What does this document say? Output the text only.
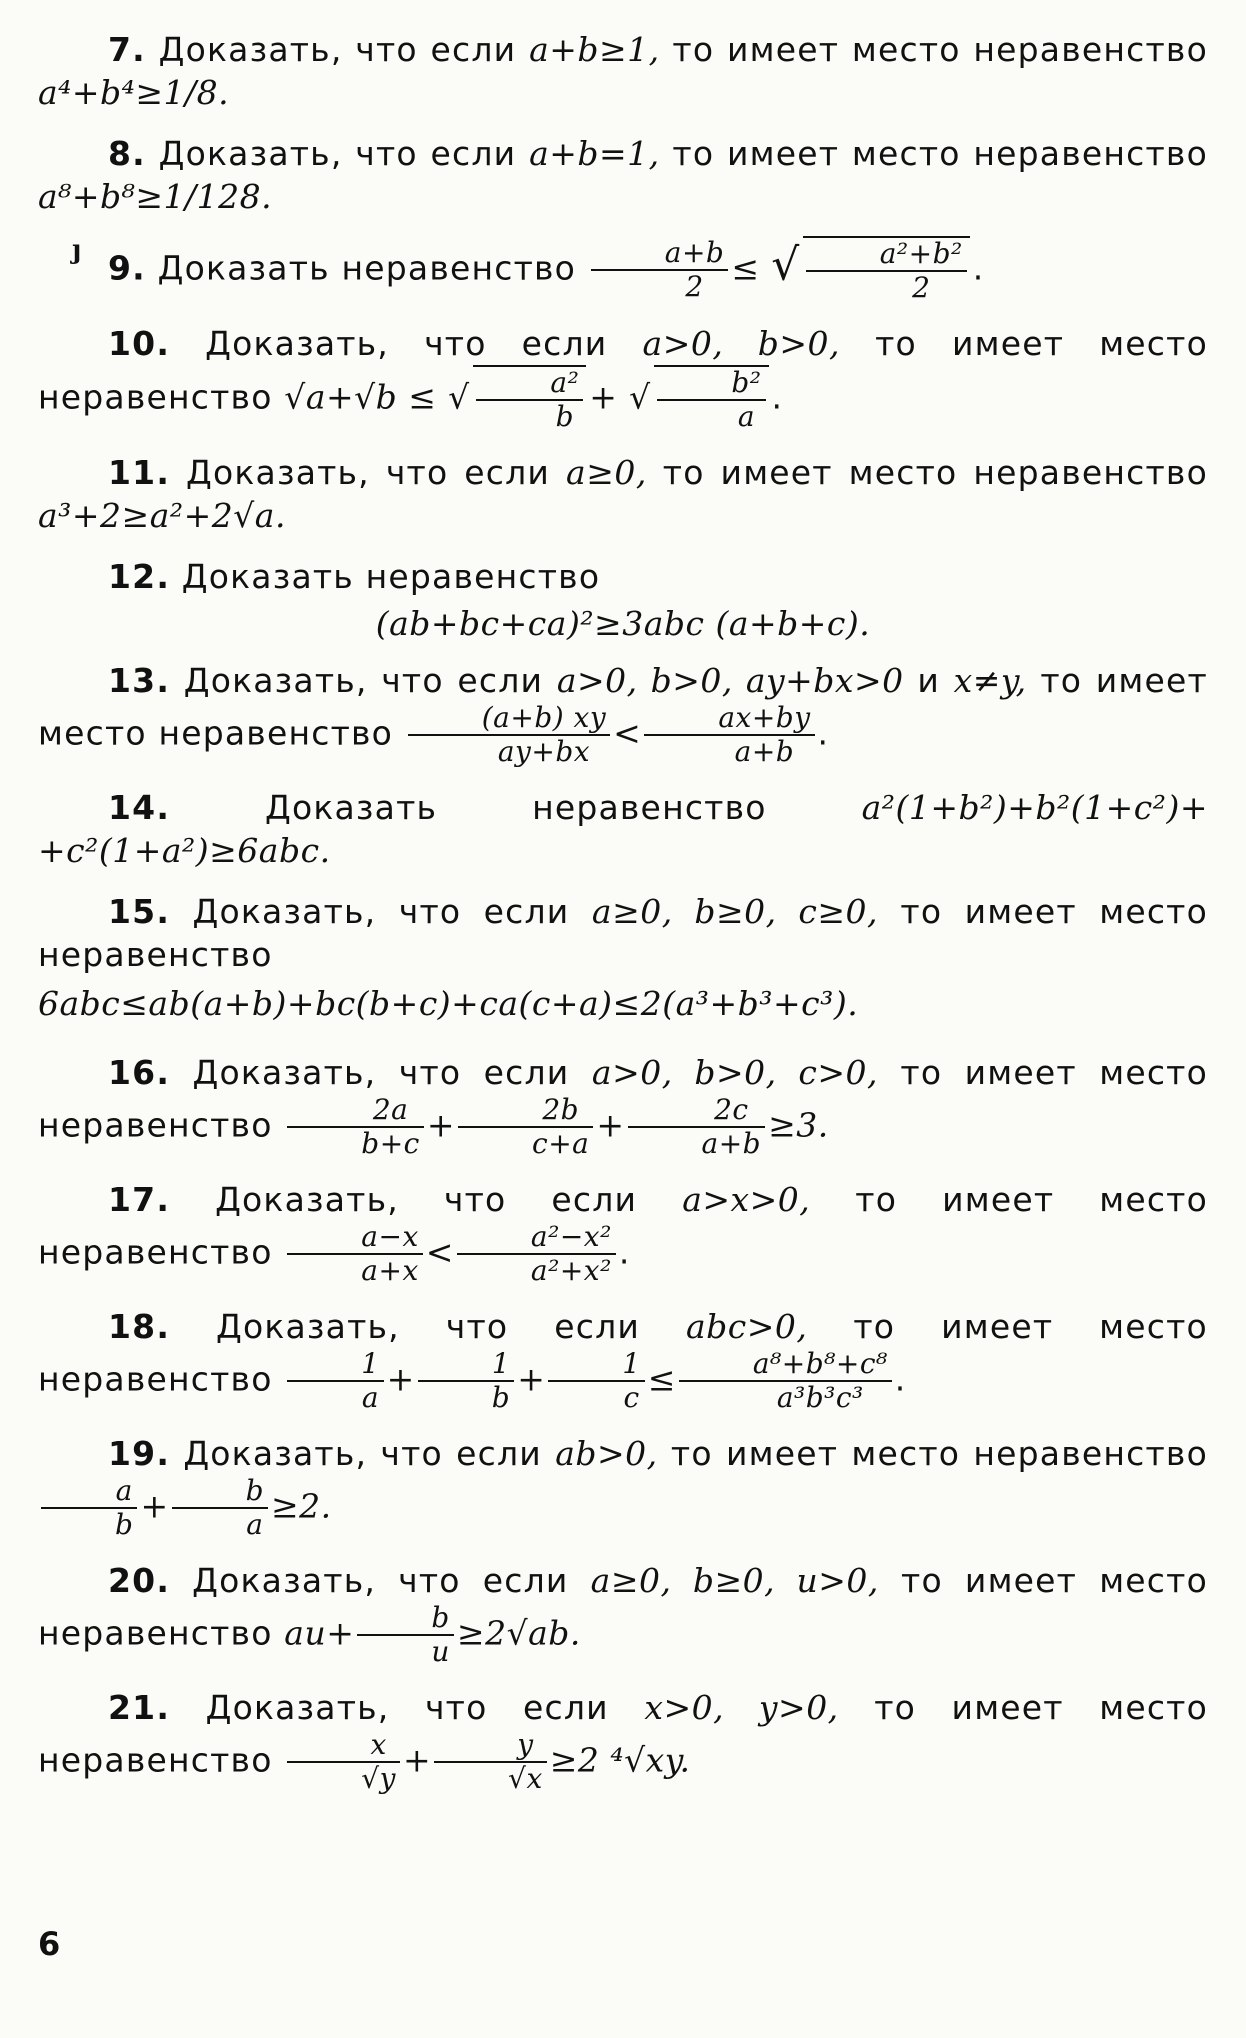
7. Доказать, что если a+b≥1, то имеет место неравенство a⁴+b⁴≥1/8.

8. Доказать, что если a+b=1, то имеет место неравенство a⁸+b⁸≥1/128.

9. Доказать неравенство $\frac{a+b}{2}$ ≤ √ $\frac{\text{a²+b²}}{2}$ .

10. Доказать, что если a>0, b>0, то имеет место неравенство √a+√b ≤ √ $\frac{\text{a²}}{b}$ + √ $\frac{\text{b²}}{a}$ .

11. Доказать, что если a≥0, то имеет место неравенство a³+2≥a²+2√a.

12. Доказать неравенство

(ab+bc+ca)²≥3abc (a+b+c).

13. Доказать, что если a>0, b>0, ay+bx>0 и x≠y, то имеет место неравенство $\frac{(a+b) xy}{ay+bx} < \frac{ax+by}{a+b}$ .

14.	Доказать неравенство	a²(1+b²)+b²(1+c²)+ +c²(1+a²)≥6abc.

15. Доказать, что если a≥0, b≥0, c≥0, то имеет место неравенство

6abc≤ab(a+b)+bc(b+c)+ca(c+a)≤2(a³+b³+c³).

16. Доказать, что если a>0, b>0, c>0, то имеет место неравенство $\frac{2a}{b+c} + \frac{2b}{c+a} + \frac{2c}{a+b} \ge 3$.

17. Доказать, что если a>x>0, то имеет место неравенство $\frac{a-x}{a+x} < \frac{\text{a²−x²}}{\text{a²+x²}}$ .

18. Доказать, что если abc>0, то имеет место неравенство $\frac{1}{a} + \frac{1}{b} + \frac{1}{c} \le \frac{\text{a⁸+b⁸+c⁸}}{\text{a³b³c³}}$ .

19. Доказать, что если ab>0, то имеет место неравенство
$\frac{a}{b} + \frac{b}{a} \ge 2$.

20. Доказать, что если a≥0, b≥0, u>0, то имеет место неравенство $au+ \frac{b}{u} \ge 2√ab$.

21. Доказать, что если x>0, y>0, то имеет место неравенство $\frac{x}{√y} + \frac{y}{√x} \ge 2$ ⁴√xy.

ȷ
6
